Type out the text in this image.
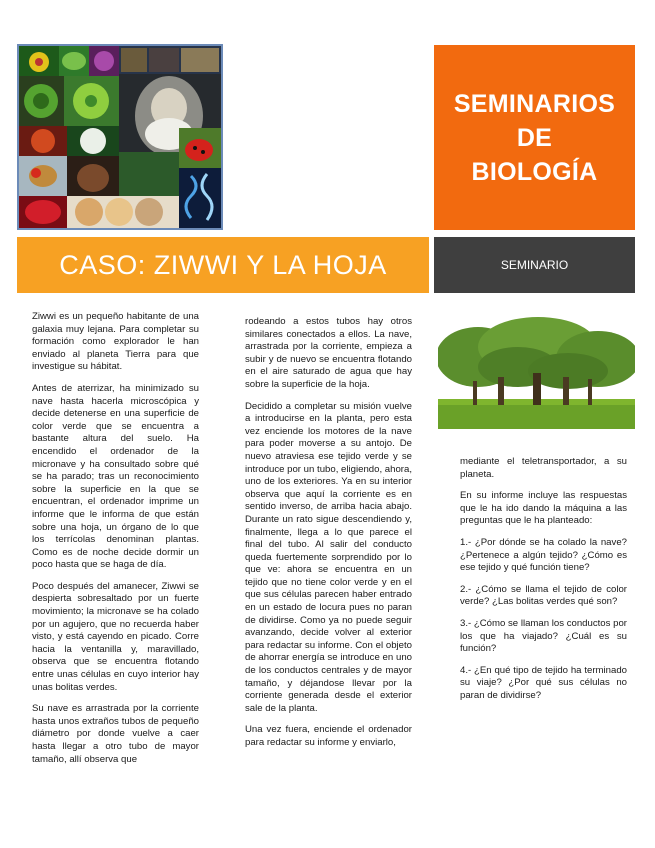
SEMINARIOS
DE
BIOLOGÍA
CASO: ZIWWI Y LA HOJA	SEMINARIO

Ziwwi es un pequeño habitante de una galaxia muy lejana. Para completar su formación como explorador le han enviado al planeta Tierra para que investigue su hábitat.

Antes de aterrizar, ha minimizado su nave hasta hacerla microscópica y decide detenerse en una superficie de color verde que se encuentra a bastante altura del suelo. Ha encendido el ordenador de la micronave y ha consultado sobre qué se ha parado; tras un reconocimiento sobre la superficie en la que se encuentran, el ordenador imprime un informe que le informa de que están sobre una hoja, un órgano de lo que los terrícolas denominan plantas. Como es de noche decide dormir un poco hasta que se haga de día.

Poco después del amanecer, Ziwwi se despierta sobresaltado por un fuerte movimiento; la micronave se ha colado por un agujero, que no recuerda haber visto, y está cayendo en picado. Corre hacia la ventanilla y, maravillado, observa que se encuentra flotando entre unas células en cuyo interior hay unas bolitas verdes.

Su nave es arrastrada por la corriente hasta unos extraños tubos de pequeño diámetro por donde vuelve a caer hasta llegar a otro tubo de mayor tamaño, allí observa que

rodeando a estos tubos hay otros similares conectados a ellos. La nave, arrastrada por la corriente, empieza a subir y de nuevo se encuentra flotando en el aire saturado de agua que hay sobre la superficie de la hoja.

Decidido a completar su misión vuelve a introducirse en la planta, pero esta vez enciende los motores de la nave para poder moverse a su antojo. De nuevo atraviesa ese tejido verde y se introduce por un tubo, eligiendo, ahora, uno de los exteriores. Ya en su interior observa que aquí la corriente es en sentido inverso, de arriba hacia abajo. Durante un rato sigue descendiendo y, finalmente, llega a lo que parece el final del tubo. Al salir del conducto queda fuertemente sorprendido por lo que ve: ahora se encuentra en un tejido que no tiene color verde y en el que sus células parecen haber entrado en un estado de locura pues no paran de dividirse. Como ya no puede seguir avanzando, decide volver al exterior para redactar su informe. Con el objeto de ahorrar energía se introduce en uno de los conductos centrales y de mayor tamaño, y déjandose llevar por la corriente generada desde el exterior sale de la planta.

Una vez fuera, enciende el ordenador para redactar su informe y enviarlo,

mediante el teletransportador, a su planeta.

En su informe incluye las respuestas que le ha ido dando la máquina a las preguntas que le ha planteado:

1.- ¿Por dónde se ha colado la nave? ¿Pertenece a algún tejido? ¿Cómo es ese tejido y qué función tiene?

2.- ¿Cómo se llama el tejido de color verde? ¿Las bolitas verdes qué son?

3.- ¿Cómo se llaman los conductos por los que ha viajado? ¿Cuál es su función?

4.- ¿En qué tipo de tejido ha terminado su viaje? ¿Por qué sus células no paran de dividirse?
